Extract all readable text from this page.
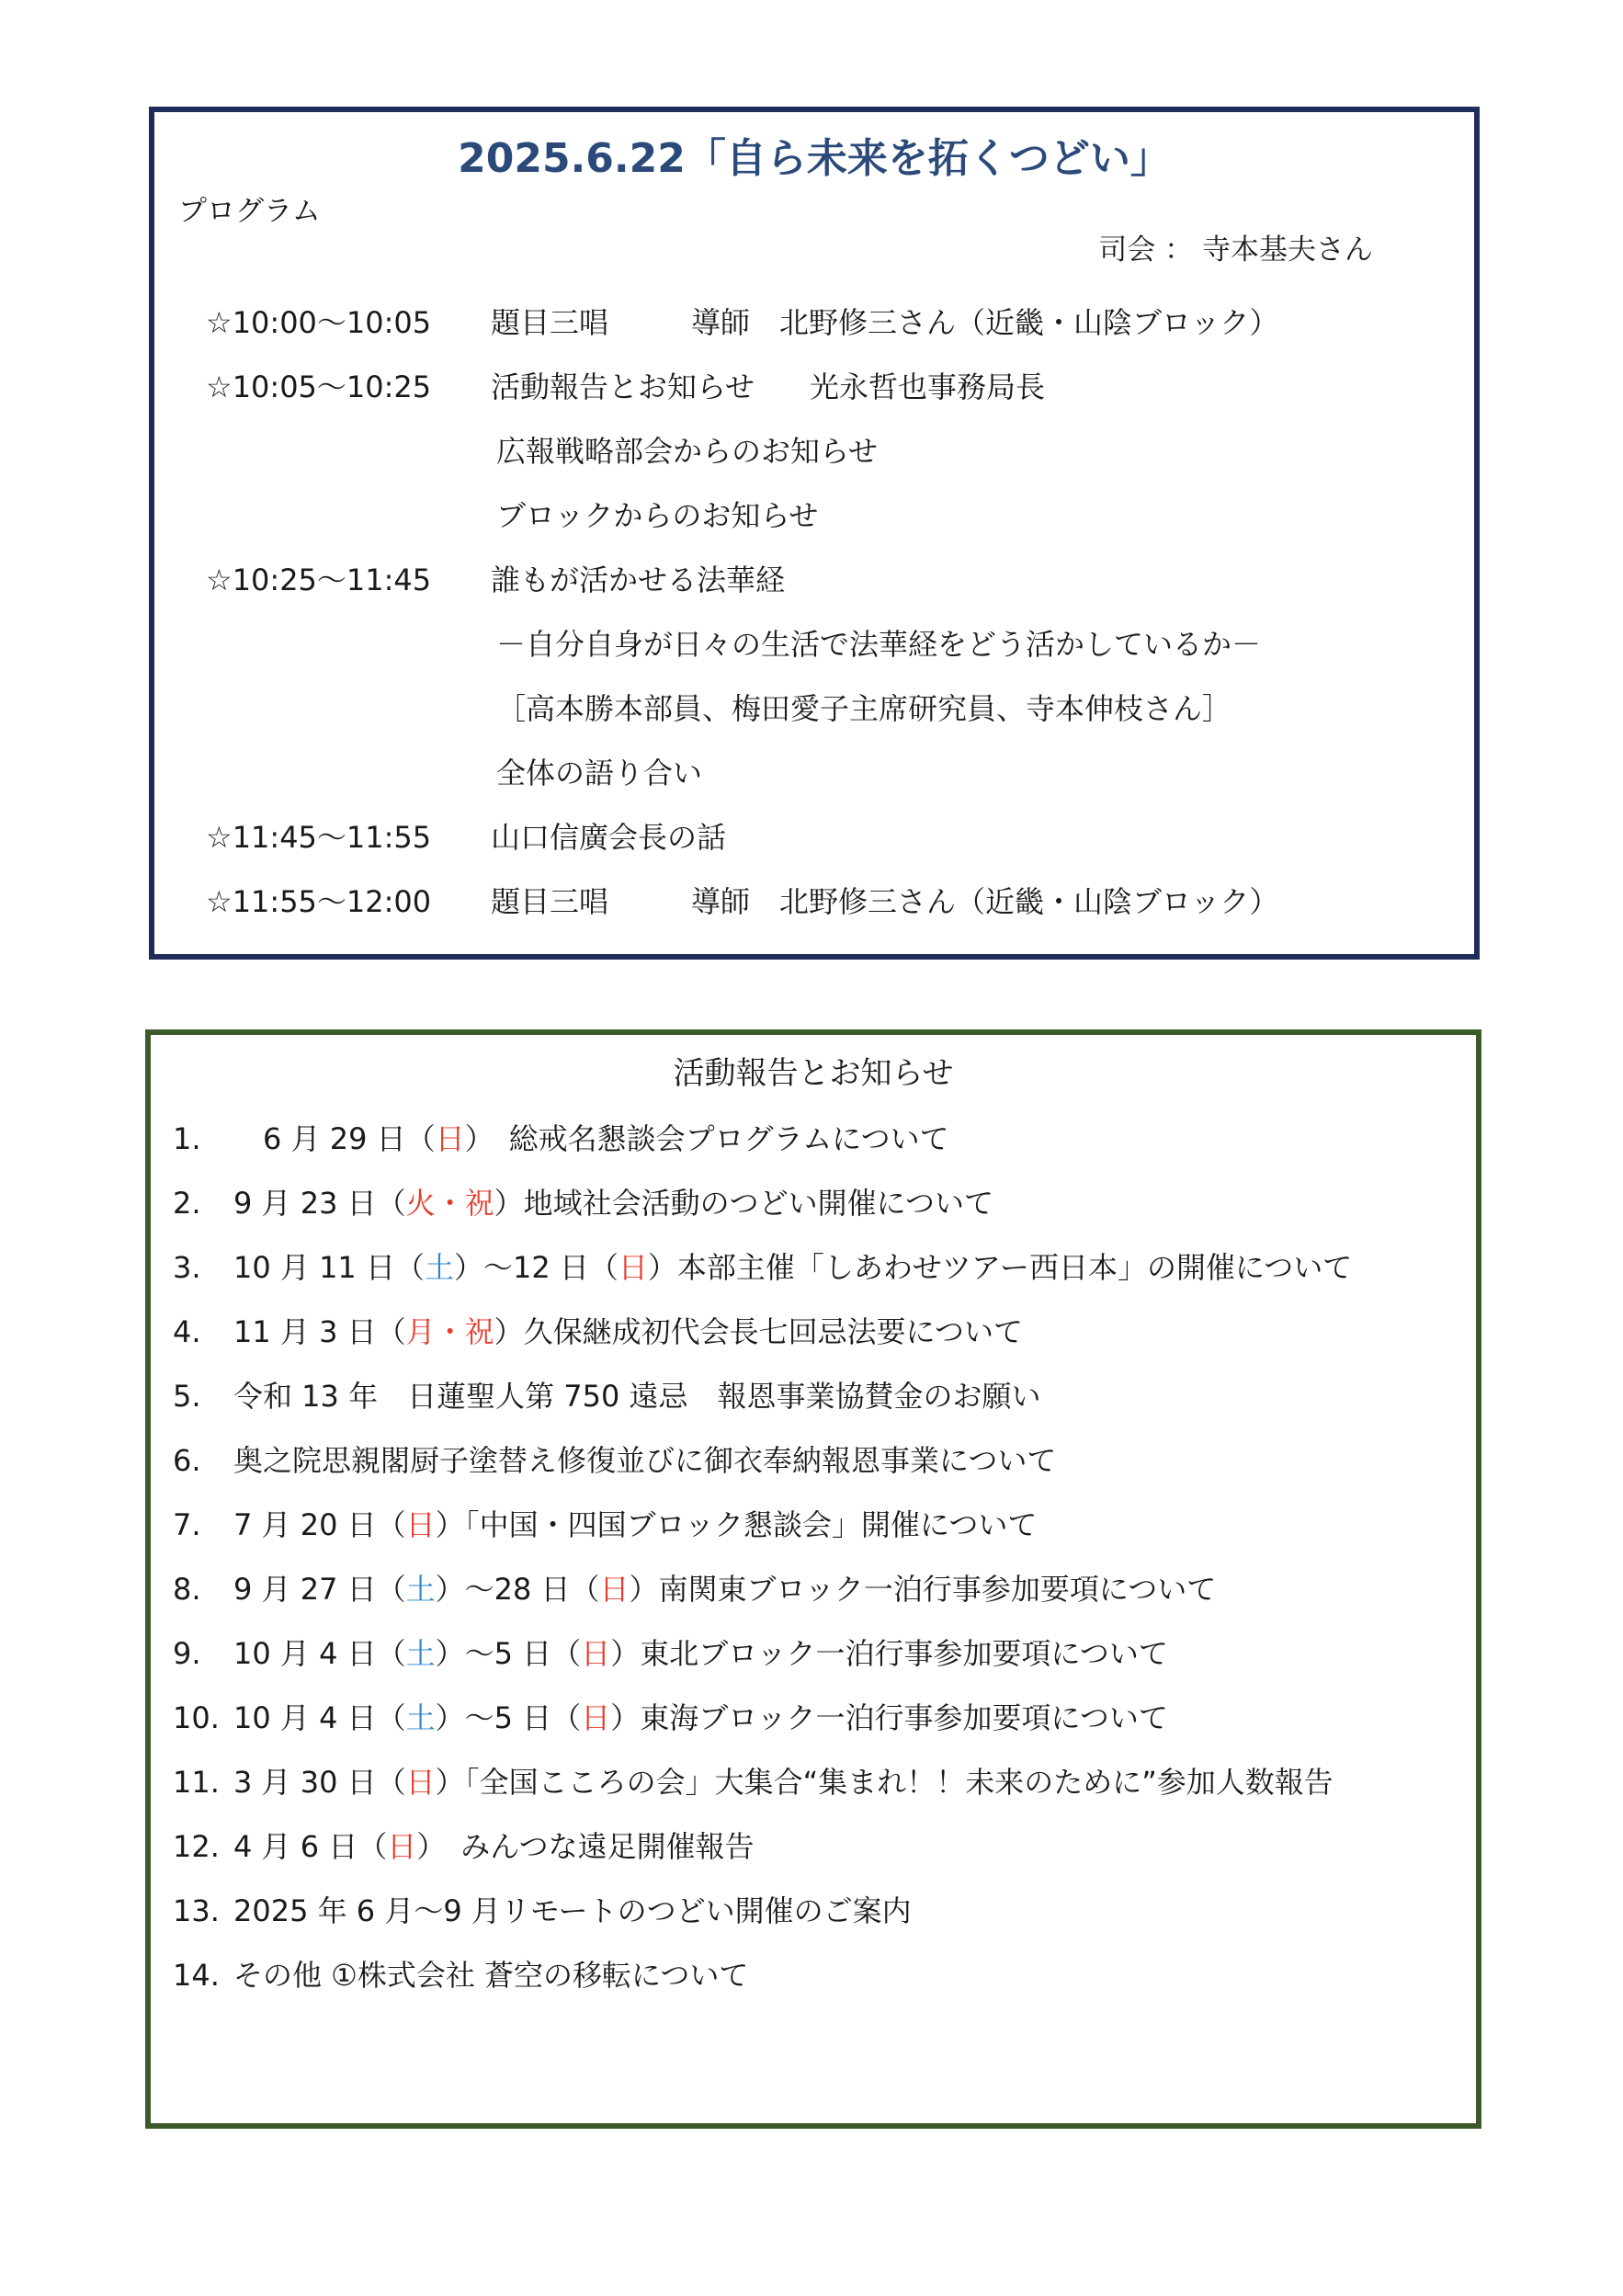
2025.6.22「自ら未来を拓くつどい」
プログラム
司会 ： 寺本基夫さん
☆10:00～10:05 題目三唱	導師　北野修三さん（近畿・山陰ブロック）
☆10:05～10:25 活動報告とお知らせ 光永哲也事務局長
広報戦略部会からのお知らせ
ブロックからのお知らせ
☆10:25～11:45 誰もが活かせる法華経
－自分自身が日々の生活で法華経をどう活かしているか－
［高本勝本部員、梅田愛子主席研究員、寺本伸枝さん］
全体の語り合い
☆11:45～11:55 山口信廣会長の話
☆11:55～12:00 題目三唱	導師　北野修三さん（近畿・山陰ブロック）
活動報告とお知らせ
1.　6 月 29 日（日）　総戒名懇談会プログラムについて
2. 9 月 23 日（火・祝）地域社会活動のつどい開催について
3. 10 月 11 日（土）～12 日（日）本部主催「しあわせツアー西日本」の開催について
4. 11 月 3 日（月・祝）久保継成初代会長七回忌法要について
5. 令和 13 年　日蓮聖人第 750 遠忌　報恩事業協賛金のお願い
6. 奥之院思親閣厨子塗替え修復並びに御衣奉納報恩事業について
7. 7 月 20 日（日）「中国・四国ブロック懇談会」開催について
8. 9 月 27 日（土）～28 日（日）南関東ブロック一泊行事参加要項について
9. 10 月 4 日（土）～5 日（日）東北ブロック一泊行事参加要項について
10. 10 月 4 日（土）～5 日（日）東海ブロック一泊行事参加要項について
11. 3 月 30 日（日）「全国こころの会」大集合“集まれ！！未来のために”参加人数報告
12. 4 月 6 日（日）　みんつな遠足開催報告
13. 2025 年 6 月～9 月リモートのつどい開催のご案内
14. その他 ①株式会社 蒼空の移転について
